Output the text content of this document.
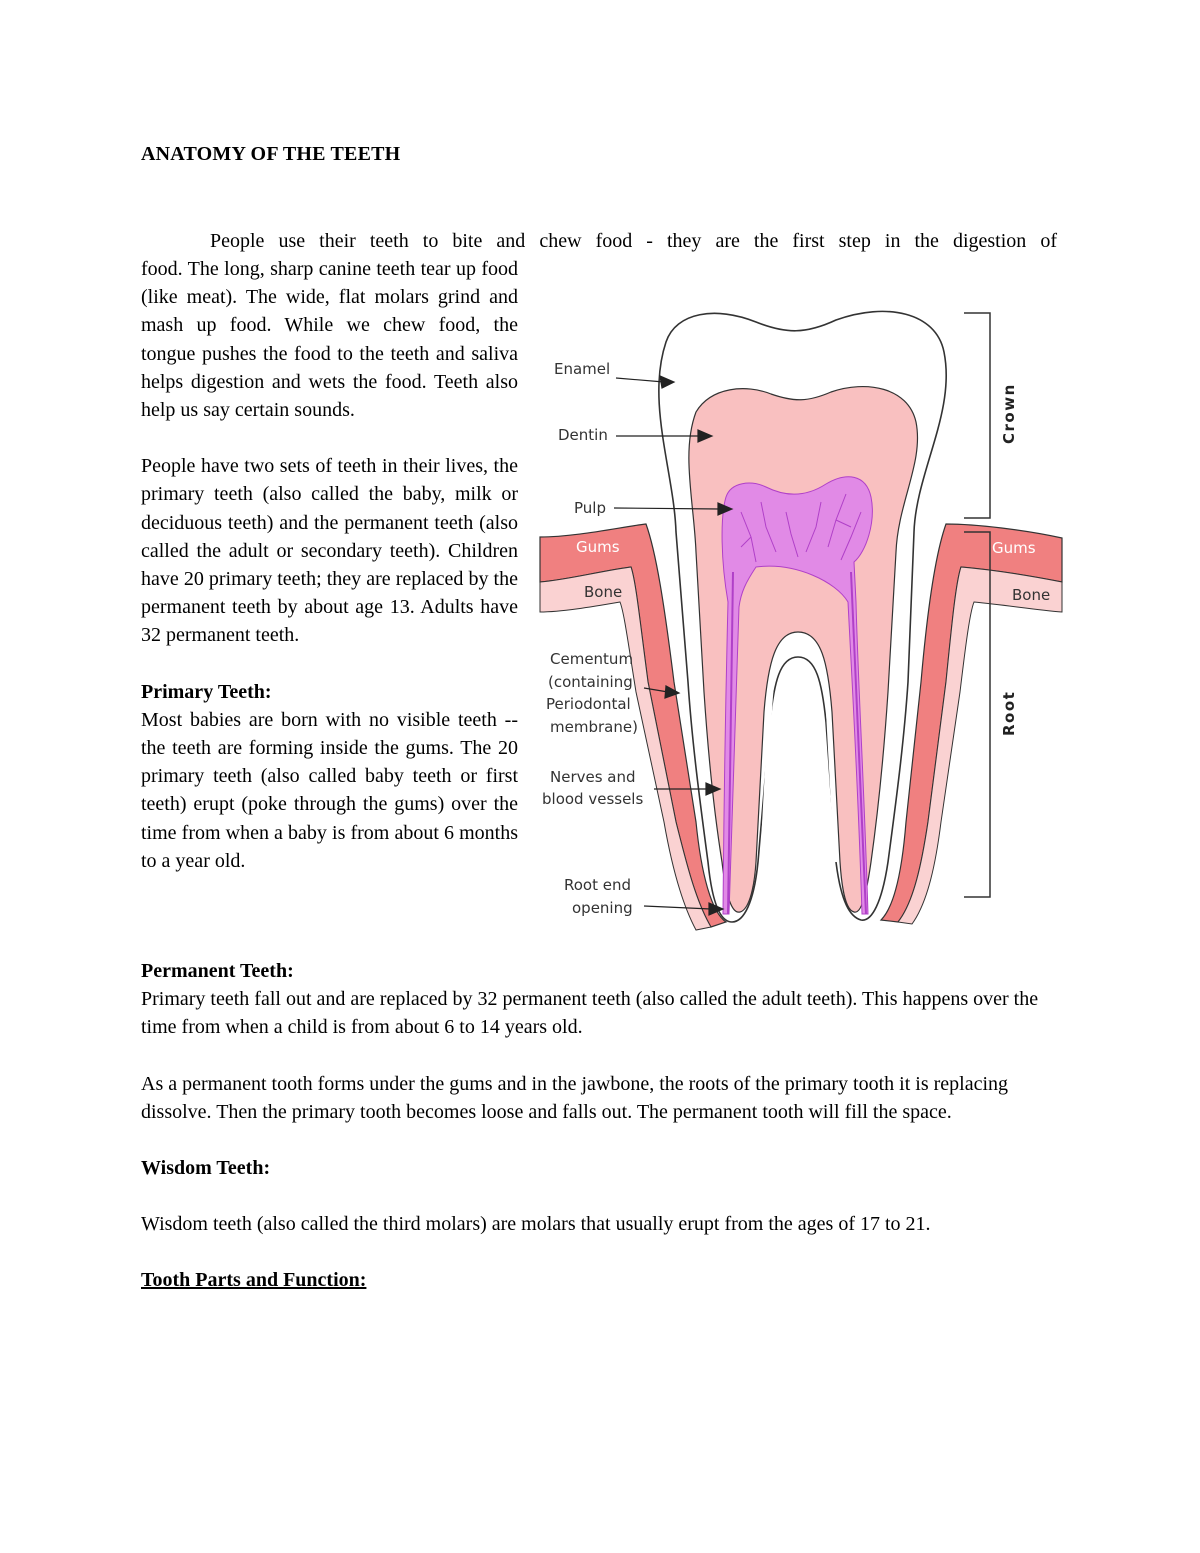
ANATOMY OF THE TEETH

People use their teeth to bite and chew food - they are the first step in the digestion of

food. The long, sharp canine teeth tear up food (like meat). The wide, flat molars grind and mash up food. While we chew food, the tongue pushes the food to the teeth and saliva helps digestion and wets the food. Teeth also help us say certain sounds.

People have two sets of teeth in their lives, the primary teeth (also called the baby, milk or deciduous teeth) and the permanent teeth (also called the adult or secondary teeth). Children have 20 primary teeth; they are replaced by the permanent teeth by about age 13. Adults have 32 permanent teeth.

Primary Teeth:

Most babies are born with no visible teeth -- the teeth are forming inside the gums. The 20 primary teeth (also called baby teeth or first teeth) erupt (poke through the gums) over the time from when a baby is from about 6 months to a year old.

Enamel
Dentin
Pulp
Gums
Bone
Cementum
(containing
Periodontal
membrane)
Nerves and
blood vessels
Root end
opening
Gums
Bone
Crown
Root
Permanent Teeth:

Primary teeth fall out and are replaced by 32 permanent teeth (also called the adult teeth). This happens over the time from when a child is from about 6 to 14 years old.

As a permanent tooth forms under the gums and in the jawbone, the roots of the primary tooth it is replacing dissolve. Then the primary tooth becomes loose and falls out. The permanent tooth will fill the space.

Wisdom Teeth:

Wisdom teeth (also called the third molars) are molars that usually erupt from the ages of 17 to 21.

Tooth Parts and Function:
